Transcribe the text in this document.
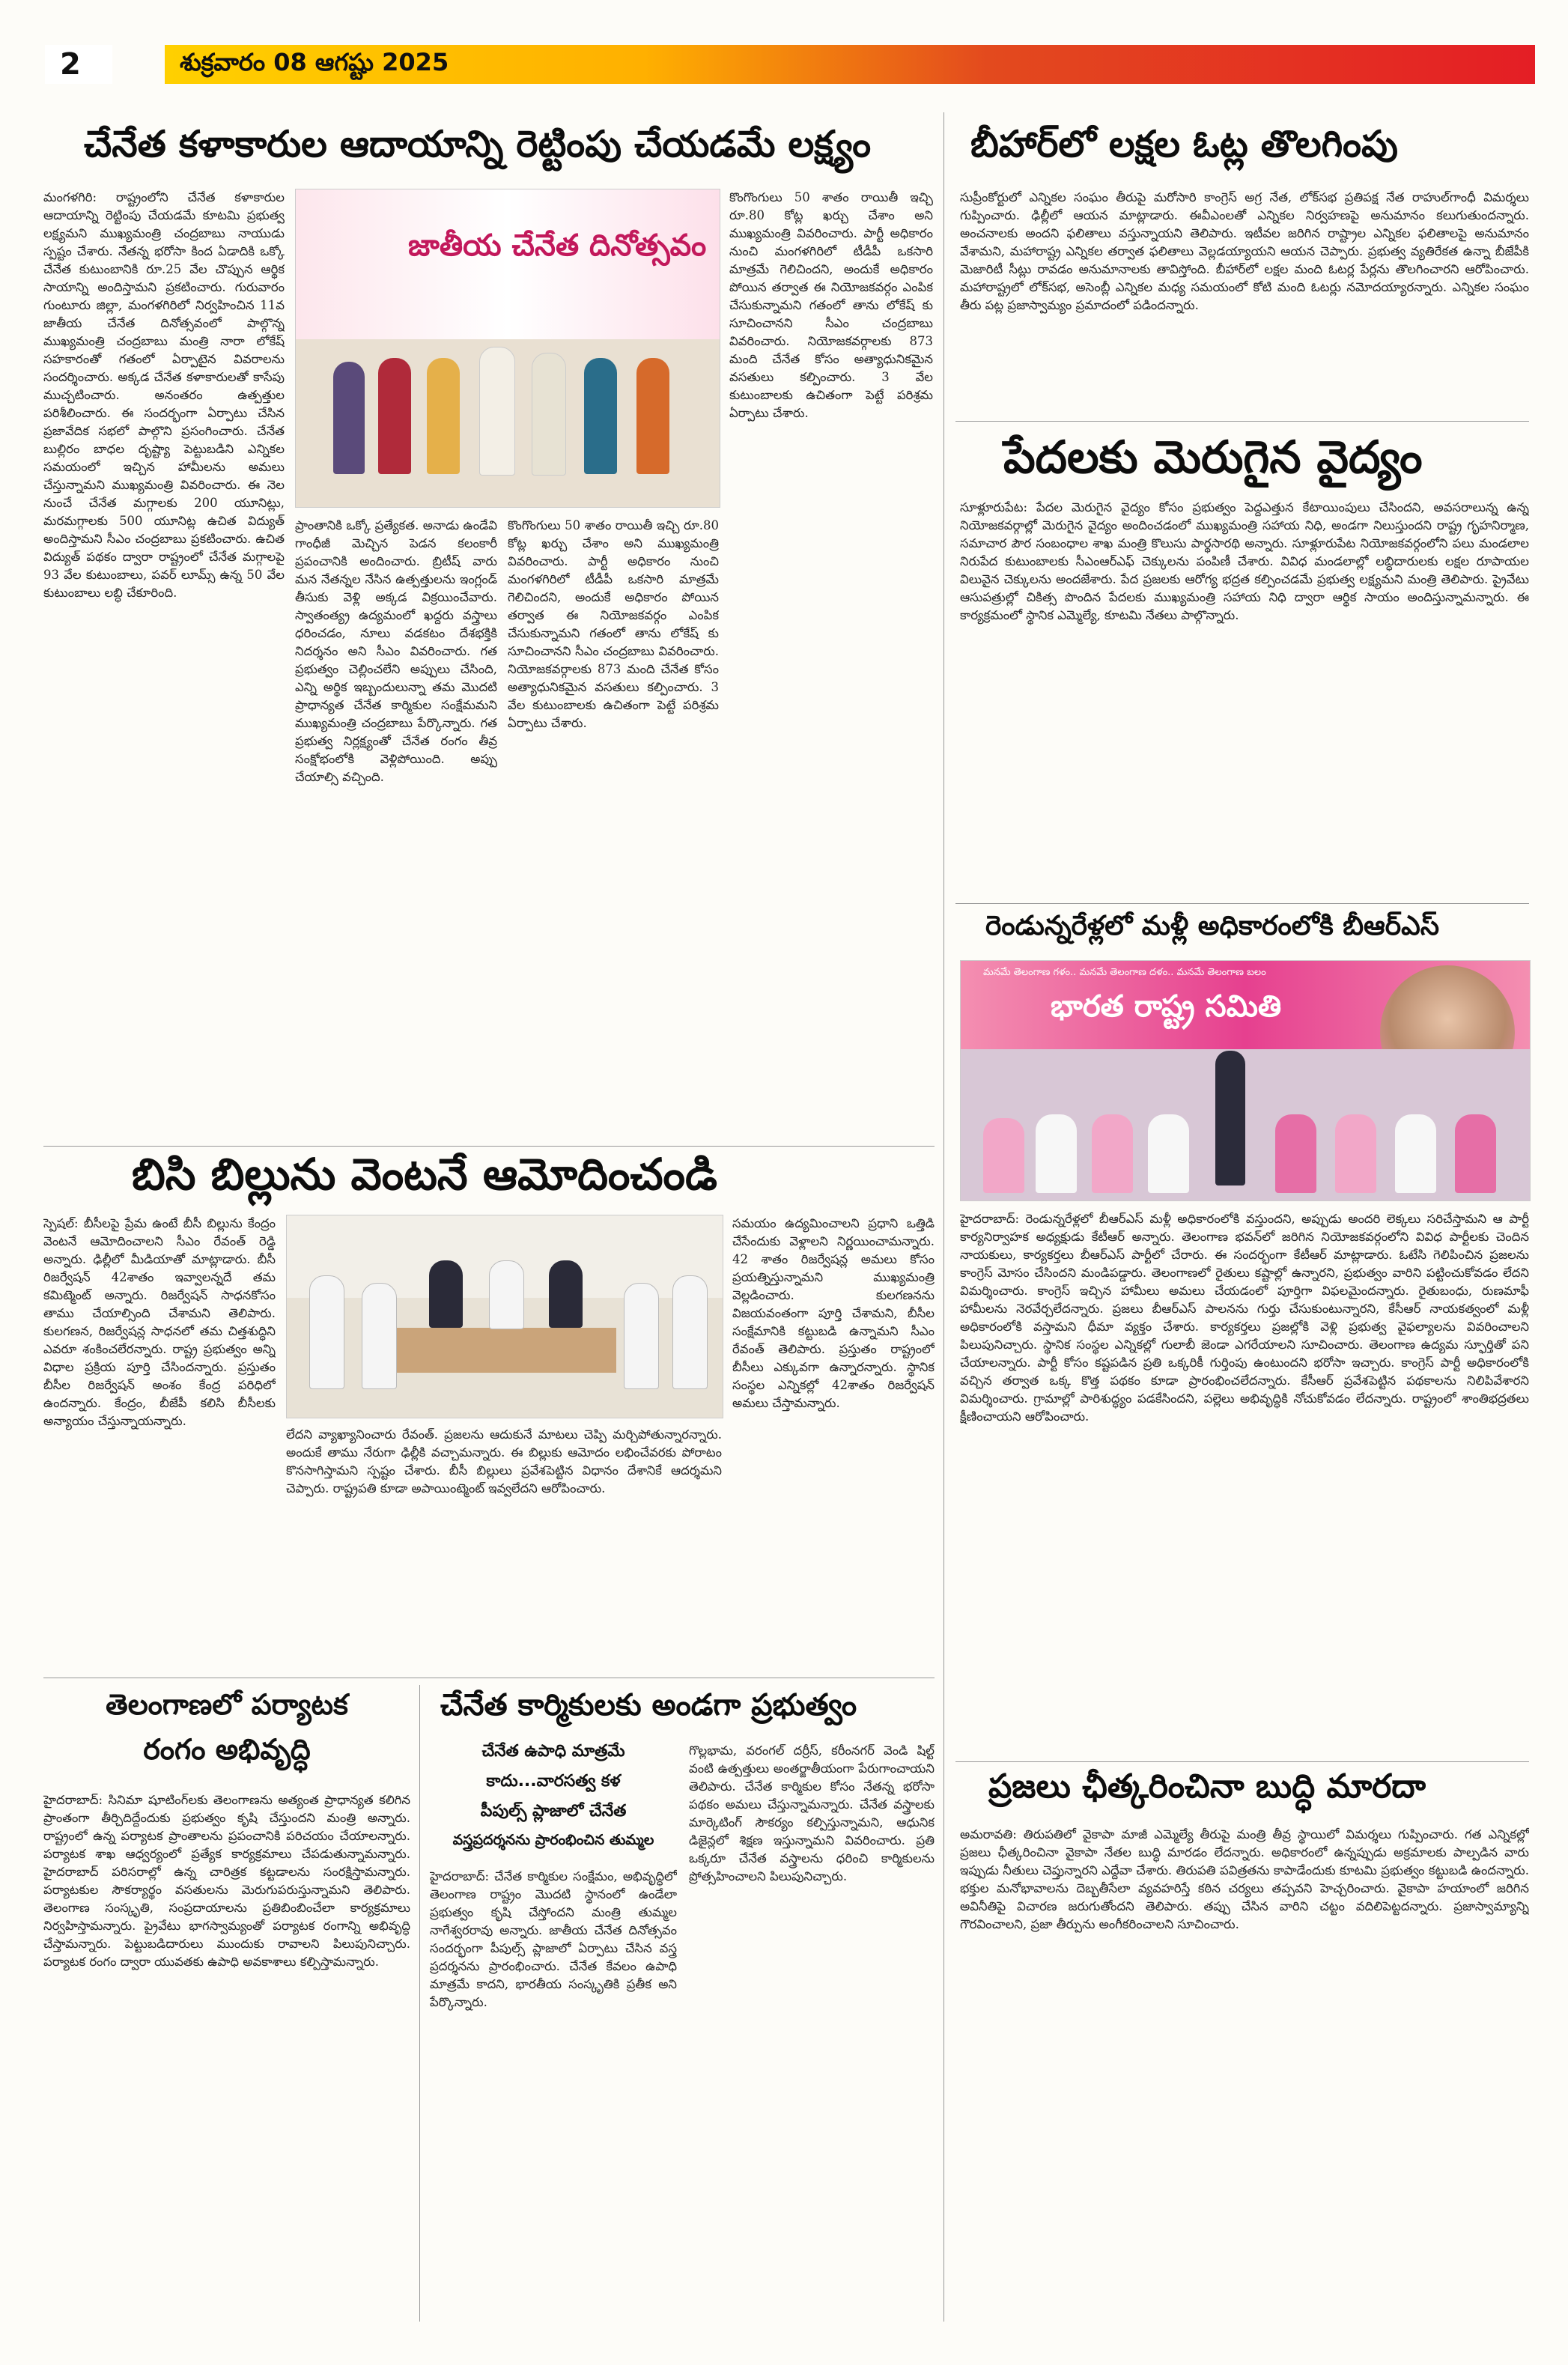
2	శుక్రవారం 08 ఆగష్టు 2025
చేనేత కళాకారుల ఆదాయాన్ని రెట్టింపు చేయడమే లక్ష్యం
మంగళగిరి: రాష్ట్రంలోని చేనేత కళాకారుల ఆదాయాన్ని రెట్టింపు చేయడమే కూటమి ప్రభుత్వ లక్ష్యమని ముఖ్యమంత్రి చంద్రబాబు నాయుడు స్పష్టం చేశారు. నేతన్న భరోసా కింద ఏడాదికి ఒక్కో చేనేత కుటుంబానికి రూ.25 వేల చొప్పున ఆర్థిక సాయాన్ని అందిస్తామని ప్రకటించారు. గురువారం గుంటూరు జిల్లా, మంగళగిరిలో నిర్వహించిన 11వ జాతీయ చేనేత దినోత్సవంలో పాల్గొన్న ముఖ్యమంత్రి చంద్రబాబు మంత్రి నారా లోకేష్ సహకారంతో గతంలో ఏర్పాటైన వివరాలను సందర్శించారు. అక్కడ చేనేత కళాకారులతో కాసేపు ముచ్చటించారు. అనంతరం ఉత్పత్తుల పరిశీలించారు. ఈ సందర్భంగా ఏర్పాటు చేసిన ప్రజావేదిక సభలో పాల్గొని ప్రసంగించారు. చేనేత బుల్లిరం బాధల దృష్ట్యా పెట్టుబడిని ఎన్నికల సమయంలో ఇచ్చిన హామీలను అమలు చేస్తున్నామని ముఖ్యమంత్రి వివరించారు. ఈ నెల నుంచే చేనేత మగ్గాలకు 200 యూనిట్లు, మరమగ్గాలకు 500 యూనిట్ల ఉచిత విద్యుత్ అందిస్తామని సీఎం చంద్రబాబు ప్రకటించారు. ఉచిత విద్యుత్ పథకం ద్వారా రాష్ట్రంలో చేనేత మగ్గాలపై 93 వేల కుటుంబాలు, పవర్ లూమ్స్ ఉన్న 50 వేల కుటుంబాలు లబ్ధి చేకూరింది.
జాతీయ చేనేత దినోత్సవం
ప్రాంతానికి ఒక్కో ప్రత్యేకత. అనాడు ఉండేవి గాంధీజీ మెచ్చిన పెడన కలంకారీ ప్రపంచానికి అందించారు. బ్రిటీష్ వారు మన నేతన్నల నేసిన ఉత్పత్తులను ఇంగ్లండ్ తీసుకు వెళ్లి అక్కడ విక్రయించేవారు. స్వాతంత్య్ర ఉద్యమంలో ఖద్దరు వస్త్రాలు ధరించడం, నూలు వడకటం దేశభక్తికి నిదర్శనం అని సీఎం వివరించారు. గత ప్రభుత్వం చెల్లించలేని అప్పులు చేసింది, ఎన్ని అర్థిక ఇబ్బందులున్నా తమ మొదటి ప్రాధాన్యత చేనేత కార్మికుల సంక్షేమమని ముఖ్యమంత్రి చంద్రబాబు పేర్కొన్నారు. గత ప్రభుత్వ నిర్లక్ష్యంతో చేనేత రంగం తీవ్ర సంక్షోభంలోకి వెళ్లిపోయింది. అప్పు చేయాల్సి వచ్చింది.
కొంగొంగులు 50 శాతం రాయితీ ఇచ్చి రూ.80 కోట్ల ఖర్చు చేశాం అని ముఖ్యమంత్రి వివరించారు. పార్టీ అధికారం నుంచి మంగళగిరిలో టీడీపీ ఒకసారి మాత్రమే గెలిచిందని, అందుకే అధికారం పోయిన తర్వాత ఈ నియోజకవర్గం ఎంపిక చేసుకున్నామని గతంలో తాను లోకేష్ కు సూచించానని సీఎం చంద్రబాబు వివరించారు. నియోజకవర్గాలకు 873 మంది చేనేత కోసం అత్యాధునికమైన వసతులు కల్పించారు. 3 వేల కుటుంబాలకు ఉచితంగా పెట్టే పరిశ్రమ ఏర్పాటు చేశారు.
కొంగొంగులు 50 శాతం రాయితీ ఇచ్చి రూ.80 కోట్ల ఖర్చు చేశాం అని ముఖ్యమంత్రి వివరించారు. పార్టీ అధికారం నుంచి మంగళగిరిలో టీడీపీ ఒకసారి మాత్రమే గెలిచిందని, అందుకే అధికారం పోయిన తర్వాత ఈ నియోజకవర్గం ఎంపిక చేసుకున్నామని గతంలో తాను లోకేష్ కు సూచించానని సీఎం చంద్రబాబు వివరించారు. నియోజకవర్గాలకు 873 మంది చేనేత కోసం అత్యాధునికమైన వసతులు కల్పించారు. 3 వేల కుటుంబాలకు ఉచితంగా పెట్టే పరిశ్రమ ఏర్పాటు చేశారు.
బీహార్‌లో లక్షల ఓట్ల తొలగింపు
సుప్రీంకోర్టులో ఎన్నికల సంఘం తీరుపై మరోసారి కాంగ్రెస్ అగ్ర నేత, లోక్‌సభ ప్రతిపక్ష నేత రాహుల్‌గాంధీ విమర్శలు గుప్పించారు. ఢిల్లీలో ఆయన మాట్లాడారు. ఈవీఎంలతో ఎన్నికల నిర్వహణపై అనుమానం కలుగుతుందన్నారు. అంచనాలకు అందని ఫలితాలు వస్తున్నాయని తెలిపారు. ఇటీవల జరిగిన రాష్ట్రాల ఎన్నికల ఫలితాలపై అనుమానం వేశామని, మహారాష్ట్ర ఎన్నికల తర్వాత ఫలితాలు వెల్లడయ్యాయని ఆయన చెప్పారు. ప్రభుత్వ వ్యతిరేకత ఉన్నా బీజేపీకి మెజారిటీ సీట్లు రావడం అనుమానాలకు తావిస్తోంది. బీహార్‌లో లక్షల మంది ఓటర్ల పేర్లను తొలగించారని ఆరోపించారు. మహారాష్ట్రలో లోక్‌సభ, అసెంబ్లీ ఎన్నికల మధ్య సమయంలో కోటి మంది ఓటర్లు నమోదయ్యారన్నారు. ఎన్నికల సంఘం తీరు పట్ల ప్రజాస్వామ్యం ప్రమాదంలో పడిందన్నారు.
పేదలకు మెరుగైన వైద్యం
సూళ్లూరుపేట: పేదల మెరుగైన వైద్యం కోసం ప్రభుత్వం పెద్దఎత్తున కేటాయింపులు చేసిందని, అవసరాలున్న ఉన్న నియోజకవర్గాల్లో మెరుగైన వైద్యం అందించడంలో ముఖ్యమంత్రి సహాయ నిధి, అండగా నిలుస్తుందని రాష్ట్ర గృహనిర్మాణ, సమాచార పౌర సంబంధాల శాఖ మంత్రి కొలుసు పార్థసారథి అన్నారు. సూళ్లూరుపేట నియోజకవర్గంలోని పలు మండలాల నిరుపేద కుటుంబాలకు సీఎంఆర్ఎఫ్ చెక్కులను పంపిణీ చేశారు. వివిధ మండలాల్లో లబ్ధిదారులకు లక్షల రూపాయల విలువైన చెక్కులను అందజేశారు. పేద ప్రజలకు ఆరోగ్య భద్రత కల్పించడమే ప్రభుత్వ లక్ష్యమని మంత్రి తెలిపారు. ప్రైవేటు ఆసుపత్రుల్లో చికిత్స పొందిన పేదలకు ముఖ్యమంత్రి సహాయ నిధి ద్వారా ఆర్థిక సాయం అందిస్తున్నామన్నారు. ఈ కార్యక్రమంలో స్థానిక ఎమ్మెల్యే, కూటమి నేతలు పాల్గొన్నారు.
రెండున్నరేళ్లలో మళ్లీ అధికారంలోకి బీఆర్ఎస్
మనమే తెలంగాణ గళం.. మనమే తెలంగాణ దళం.. మనమే తెలంగాణ బలం
భారత రాష్ట్ర సమితి
హైదరాబాద్: రెండున్నరేళ్లలో బీఆర్ఎస్ మళ్లీ అధికారంలోకి వస్తుందని, అప్పుడు అందరి లెక్కలు సరిచేస్తామని ఆ పార్టీ కార్యనిర్వాహక అధ్యక్షుడు కేటీఆర్ అన్నారు. తెలంగాణ భవన్‌లో జరిగిన నియోజకవర్గంలోని వివిధ పార్టీలకు చెందిన నాయకులు, కార్యకర్తలు బీఆర్ఎస్ పార్టీలో చేరారు. ఈ సందర్భంగా కేటీఆర్ మాట్లాడారు. ఓటేసి గెలిపించిన ప్రజలను కాంగ్రెస్ మోసం చేసిందని మండిపడ్డారు. తెలంగాణలో రైతులు కష్టాల్లో ఉన్నారని, ప్రభుత్వం వారిని పట్టించుకోవడం లేదని విమర్శించారు. కాంగ్రెస్ ఇచ్చిన హామీలు అమలు చేయడంలో పూర్తిగా విఫలమైందన్నారు. రైతుబంధు, రుణమాఫీ హామీలను నెరవేర్చలేదన్నారు. ప్రజలు బీఆర్ఎస్ పాలనను గుర్తు చేసుకుంటున్నారని, కేసీఆర్ నాయకత్వంలో మళ్లీ అధికారంలోకి వస్తామని ధీమా వ్యక్తం చేశారు. కార్యకర్తలు ప్రజల్లోకి వెళ్లి ప్రభుత్వ వైఫల్యాలను వివరించాలని పిలుపునిచ్చారు. స్థానిక సంస్థల ఎన్నికల్లో గులాబీ జెండా ఎగరేయాలని సూచించారు. తెలంగాణ ఉద్యమ స్ఫూర్తితో పని చేయాలన్నారు. పార్టీ కోసం కష్టపడిన ప్రతి ఒక్కరికీ గుర్తింపు ఉంటుందని భరోసా ఇచ్చారు. కాంగ్రెస్ పార్టీ అధికారంలోకి వచ్చిన తర్వాత ఒక్క కొత్త పథకం కూడా ప్రారంభించలేదన్నారు. కేసీఆర్ ప్రవేశపెట్టిన పథకాలను నిలిపివేశారని విమర్శించారు. గ్రామాల్లో పారిశుద్ధ్యం పడకేసిందని, పల్లెలు అభివృద్ధికి నోచుకోవడం లేదన్నారు. రాష్ట్రంలో శాంతిభద్రతలు క్షీణించాయని ఆరోపించారు.
ప్రజలు ఛీత్కరించినా బుద్ధి మారదా
అమరావతి: తిరుపతిలో వైకాపా మాజీ ఎమ్మెల్యే తీరుపై మంత్రి తీవ్ర స్థాయిలో విమర్శలు గుప్పించారు. గత ఎన్నికల్లో ప్రజలు ఛీత్కరించినా వైకాపా నేతల బుద్ధి మారడం లేదన్నారు. అధికారంలో ఉన్నప్పుడు అక్రమాలకు పాల్పడిన వారు ఇప్పుడు నీతులు చెప్తున్నారని ఎద్దేవా చేశారు. తిరుపతి పవిత్రతను కాపాడేందుకు కూటమి ప్రభుత్వం కట్టుబడి ఉందన్నారు. భక్తుల మనోభావాలను దెబ్బతీసేలా వ్యవహరిస్తే కఠిన చర్యలు తప్పవని హెచ్చరించారు. వైకాపా హయాంలో జరిగిన అవినీతిపై విచారణ జరుగుతోందని తెలిపారు. తప్పు చేసిన వారిని చట్టం వదిలిపెట్టదన్నారు. ప్రజాస్వామ్యాన్ని గౌరవించాలని, ప్రజా తీర్పును అంగీకరించాలని సూచించారు.
బిసి బిల్లును వెంటనే ఆమోదించండి
స్పెషల్‌: బీసీలపై ప్రేమ ఉంటే బీసీ బిల్లును కేంద్రం వెంటనే ఆమోదించాలని సీఎం రేవంత్ రెడ్డి అన్నారు. ఢిల్లీలో మీడియాతో మాట్లాడారు. బీసీ రిజర్వేషన్ 42శాతం ఇవ్వాలన్నదే తమ కమిట్మెంట్ అన్నారు. రిజర్వేషన్ సాధనకోసం తాము చేయాల్సింది చేశామని తెలిపారు. కులగణన, రిజర్వేషన్ల సాధనలో తమ చిత్తశుద్ధిని ఎవరూ శంకించలేరన్నారు. రాష్ట్ర ప్రభుత్వం అన్ని విధాల ప్రక్రియ పూర్తి చేసిందన్నారు. ప్రస్తుతం బీసీల రిజర్వేషన్ అంశం కేంద్ర పరిధిలో ఉందన్నారు. కేంద్రం, బీజేపీ కలిసి బీసీలకు అన్యాయం చేస్తున్నాయన్నారు.
లేదని వ్యాఖ్యానించారు రేవంత్. ప్రజలను ఆదుకునే మాటలు చెప్పి మర్చిపోతున్నారన్నారు. అందుకే తాము నేరుగా ఢిల్లీకి వచ్చామన్నారు. ఈ బిల్లుకు ఆమోదం లభించేవరకు పోరాటం కొనసాగిస్తామని స్పష్టం చేశారు. బీసీ బిల్లులు ప్రవేశపెట్టిన విధానం దేశానికే ఆదర్శమని చెప్పారు. రాష్ట్రపతి కూడా అపాయింట్మెంట్ ఇవ్వలేదని ఆరోపించారు.
సమయం ఉద్యమించాలని ప్రధాని ఒత్తిడి చేసేందుకు వెళ్లాలని నిర్ణయించామన్నారు. 42 శాతం రిజర్వేషన్ల అమలు కోసం ప్రయత్నిస్తున్నామని ముఖ్యమంత్రి వెల్లడించారు. కులగణనను విజయవంతంగా పూర్తి చేశామని, బీసీల సంక్షేమానికి కట్టుబడి ఉన్నామని సీఎం రేవంత్ తెలిపారు. ప్రస్తుతం రాష్ట్రంలో బీసీలు ఎక్కువగా ఉన్నారన్నారు. స్థానిక సంస్థల ఎన్నికల్లో 42శాతం రిజర్వేషన్ అమలు చేస్తామన్నారు.
తెలంగాణలో పర్యాటక
రంగం అభివృద్ధి
హైదరాబాద్: సినిమా షూటింగ్‌లకు తెలంగాణను అత్యంత ప్రాధాన్యత కలిగిన ప్రాంతంగా తీర్చిదిద్దేందుకు ప్రభుత్వం కృషి చేస్తుందని మంత్రి అన్నారు. రాష్ట్రంలో ఉన్న పర్యాటక ప్రాంతాలను ప్రపంచానికి పరిచయం చేయాలన్నారు. పర్యాటక శాఖ ఆధ్వర్యంలో ప్రత్యేక కార్యక్రమాలు చేపడుతున్నామన్నారు. హైదరాబాద్ పరిసరాల్లో ఉన్న చారిత్రక కట్టడాలను సంరక్షిస్తామన్నారు. పర్యాటకుల సౌకర్యార్థం వసతులను మెరుగుపరుస్తున్నామని తెలిపారు. తెలంగాణ సంస్కృతి, సంప్రదాయాలను ప్రతిబింబించేలా కార్యక్రమాలు నిర్వహిస్తామన్నారు. ప్రైవేటు భాగస్వామ్యంతో పర్యాటక రంగాన్ని అభివృద్ధి చేస్తామన్నారు. పెట్టుబడిదారులు ముందుకు రావాలని పిలుపునిచ్చారు. పర్యాటక రంగం ద్వారా యువతకు ఉపాధి అవకాశాలు కల్పిస్తామన్నారు.
చేనేత కార్మికులకు అండగా ప్రభుత్వం
చేనేత ఉపాధి మాత్రమే
కాదు...వారసత్వ కళ
పీపుల్స్ ప్లాజాలో చేనేత
వస్త్రప్రదర్శనను ప్రారంభించిన తుమ్మల
హైదరాబాద్: చేనేత కార్మికుల సంక్షేమం, అభివృద్ధిలో తెలంగాణ రాష్ట్రం మొదటి స్థానంలో ఉండేలా ప్రభుత్వం కృషి చేస్తోందని మంత్రి తుమ్మల నాగేశ్వరరావు అన్నారు. జాతీయ చేనేత దినోత్సవం సందర్భంగా పీపుల్స్ ప్లాజాలో ఏర్పాటు చేసిన వస్త్ర ప్రదర్శనను ప్రారంభించారు. చేనేత కేవలం ఉపాధి మాత్రమే కాదని, భారతీయ సంస్కృతికి ప్రతీక అని పేర్కొన్నారు.
గొల్లభామ, వరంగల్ దర్రీస్, కరీంనగర్ వెండి షిల్ట్ వంటి ఉత్పత్తులు అంతర్జాతీయంగా పేరుగాంచాయని తెలిపారు. చేనేత కార్మికుల కోసం నేతన్న భరోసా పథకం అమలు చేస్తున్నామన్నారు. చేనేత వస్త్రాలకు మార్కెటింగ్ సౌకర్యం కల్పిస్తున్నామని, ఆధునిక డిజైన్లలో శిక్షణ ఇస్తున్నామని వివరించారు. ప్రతి ఒక్కరూ చేనేత వస్త్రాలను ధరించి కార్మికులను ప్రోత్సహించాలని పిలుపునిచ్చారు.
